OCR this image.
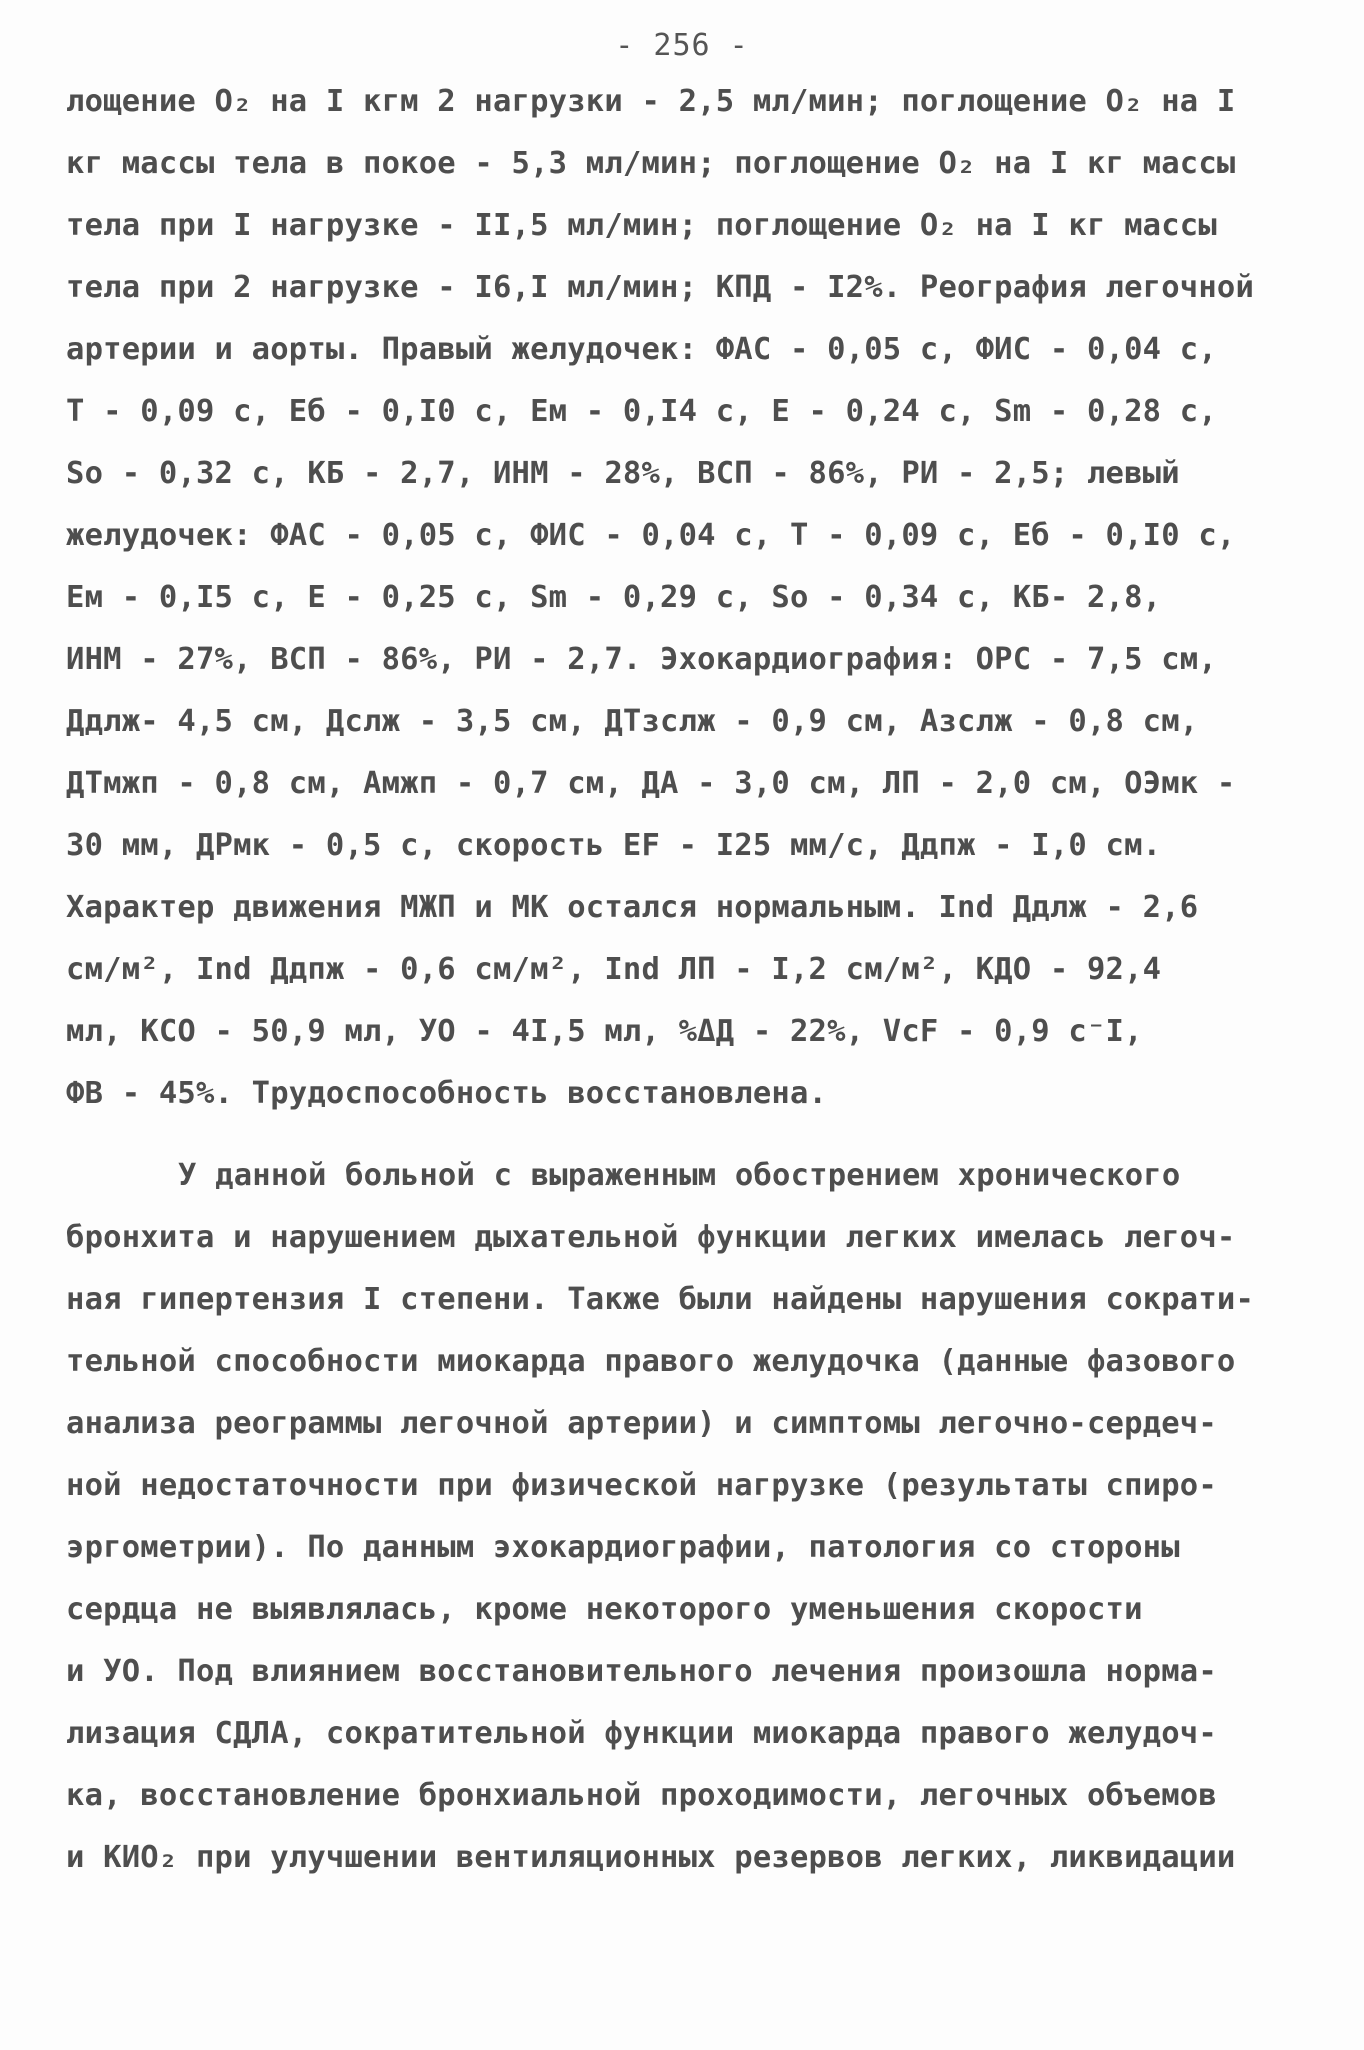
- 256 -
лощение О₂ на I кгм 2 нагрузки - 2,5 мл/мин; поглощение О₂ на I
кг массы тела в покое - 5,3 мл/мин; поглощение О₂ на I кг массы
тела при I нагрузке - II,5 мл/мин; поглощение О₂ на I кг массы
тела при 2 нагрузке - I6,I мл/мин; КПД - I2%. Реография легочной
артерии и аорты. Правый желудочек: ФАС - 0,05 с, ФИС - 0,04 с,
Т - 0,09 с, Еб - 0,I0 с, Ем - 0,I4 с, Е - 0,24 с, Sm - 0,28 с,
So - 0,32 с, КБ - 2,7, ИНМ - 28%, ВСП - 86%, РИ - 2,5; левый
желудочек: ФАС - 0,05 с, ФИС - 0,04 с, Т - 0,09 с, Еб - 0,I0 с,
Ем - 0,I5 с, Е - 0,25 с, Sm - 0,29 с, So - 0,34 с, КБ- 2,8,
ИНМ - 27%, ВСП - 86%, РИ - 2,7. Эхокардиография: ОРС - 7,5 см,
Ддлж- 4,5 см, Дслж - 3,5 см, ДТзслж - 0,9 см, Азслж - 0,8 см,
ДТмжп - 0,8 см, Амжп - 0,7 см, ДА - 3,0 см, ЛП - 2,0 см, ОЭмк -
30 мм, ДРмк - 0,5 с, скорость EF - I25 мм/с, Ддпж - I,0 см.
Характер движения МЖП и МК остался нормальным. Ind Ддлж - 2,6
см/м², Ind Ддпж - 0,6 см/м², Ind ЛП - I,2 см/м², КДО - 92,4
мл, КСО - 50,9 мл, УО - 4I,5 мл, %ΔД - 22%, VcF - 0,9 с⁻I,
ФВ - 45%. Трудоспособность восстановлена.
У данной больной с выраженным обострением хронического
бронхита и нарушением дыхательной функции легких имелась легоч-
ная гипертензия I степени. Также были найдены нарушения сократи-
тельной способности миокарда правого желудочка (данные фазового
анализа реограммы легочной артерии) и симптомы легочно-сердеч-
ной недостаточности при физической нагрузке (результаты спиро-
эргометрии). По данным эхокардиографии, патология со стороны
сердца не выявлялась, кроме некоторого уменьшения скорости
и УО. Под влиянием восстановительного лечения произошла норма-
лизация СДЛА, сократительной функции миокарда правого желудоч-
ка, восстановление бронхиальной проходимости, легочных объемов
и КИО₂ при улучшении вентиляционных резервов легких, ликвидации
